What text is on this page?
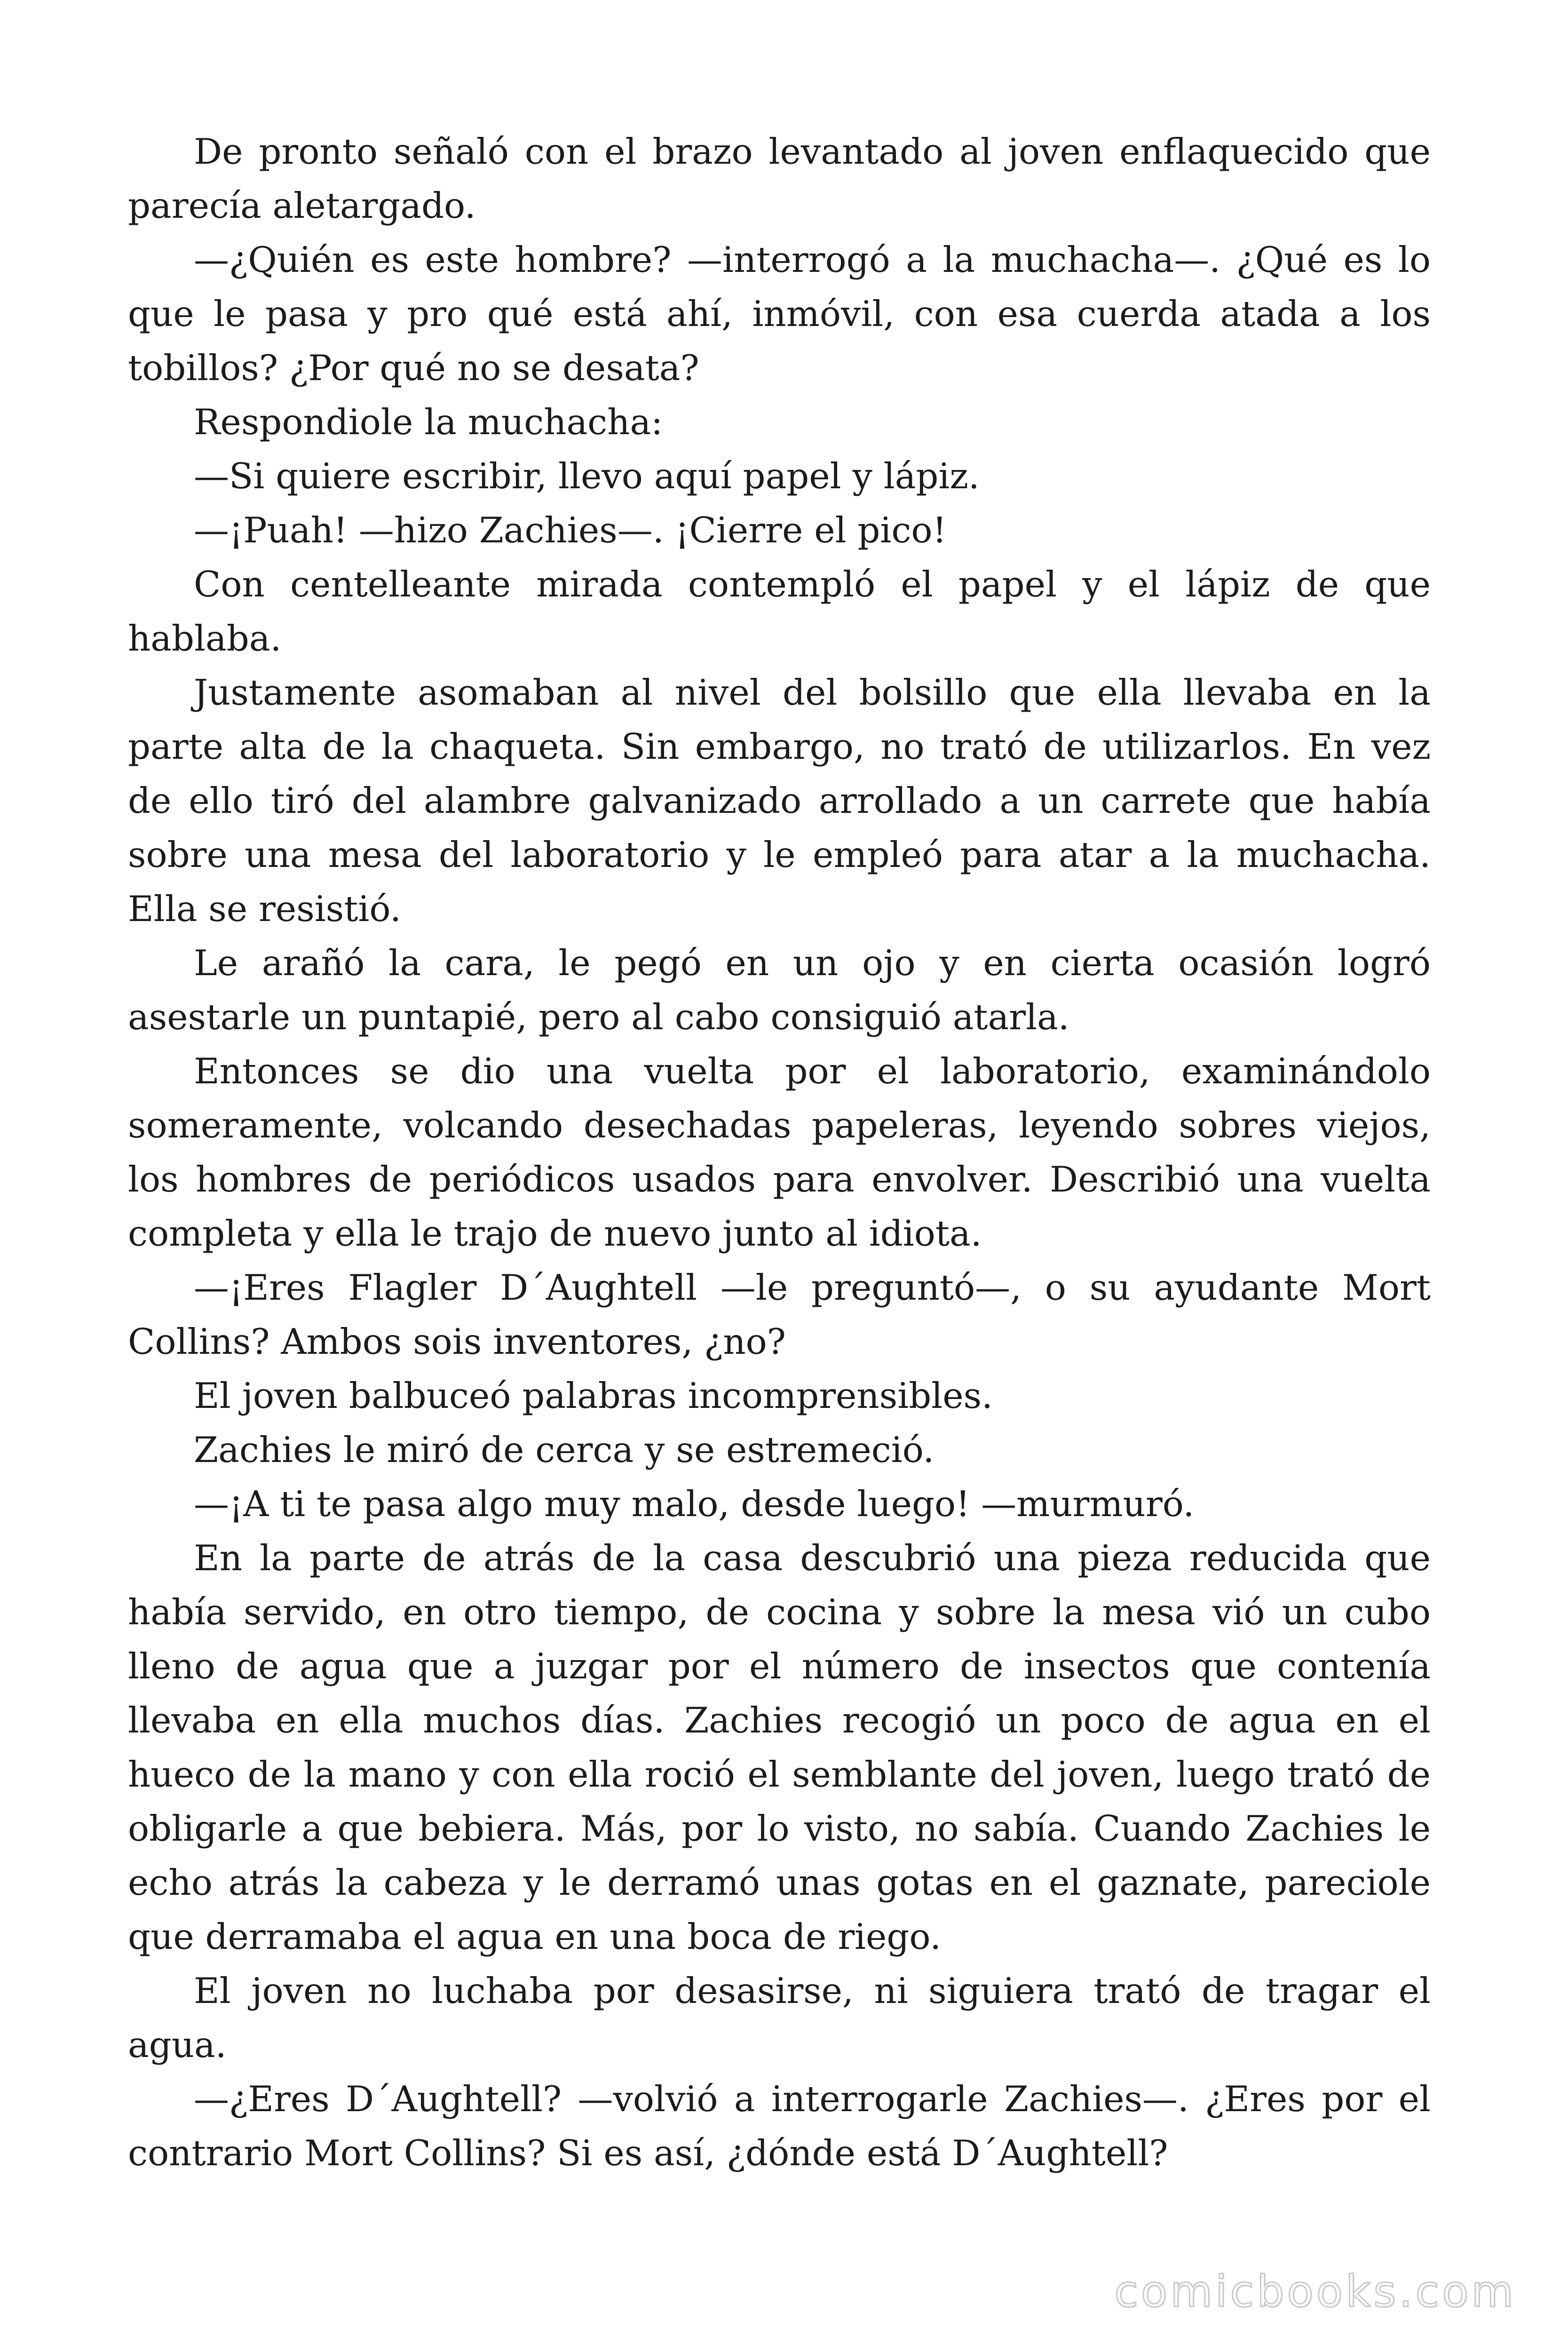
De pronto señaló con el brazo levantado al joven enflaquecido que parecía aletargado.

—¿Quién es este hombre? —interrogó a la muchacha—. ¿Qué es lo que le pasa y pro qué está ahí, inmóvil, con esa cuerda atada a los tobillos? ¿Por qué no se desata?

Respondiole la muchacha:

—Si quiere escribir, llevo aquí papel y lápiz.

—¡Puah! —hizo Zachies—. ¡Cierre el pico!

Con centelleante mirada contempló el papel y el lápiz de que hablaba.

Justamente asomaban al nivel del bolsillo que ella llevaba en la parte alta de la chaqueta. Sin embargo, no trató de utilizarlos. En vez de ello tiró del alambre galvanizado arrollado a un carrete que había sobre una mesa del laboratorio y le empleó para atar a la muchacha. Ella se resistió.

Le arañó la cara, le pegó en un ojo y en cierta ocasión logró asestarle un puntapié, pero al cabo consiguió atarla.

Entonces se dio una vuelta por el laboratorio, examinándolo someramente, volcando desechadas papeleras, leyendo sobres viejos, los hombres de periódicos usados para envolver. Describió una vuelta completa y ella le trajo de nuevo junto al idiota.

—¡Eres Flagler D´Aughtell —le preguntó—, o su ayudante Mort Collins? Ambos sois inventores, ¿no?

El joven balbuceó palabras incomprensibles.

Zachies le miró de cerca y se estremeció.

—¡A ti te pasa algo muy malo, desde luego! —murmuró.

En la parte de atrás de la casa descubrió una pieza reducida que había servido, en otro tiempo, de cocina y sobre la mesa vió un cubo lleno de agua que a juzgar por el número de insectos que contenía llevaba en ella muchos días. Zachies recogió un poco de agua en el hueco de la mano y con ella roció el semblante del joven, luego trató de obligarle a que bebiera. Más, por lo visto, no sabía. Cuando Zachies le echo atrás la cabeza y le derramó unas gotas en el gaznate, pareciole que derramaba el agua en una boca de riego.

El joven no luchaba por desasirse, ni siguiera trató de tragar el agua.

—¿Eres D´Aughtell? —volvió a interrogarle Zachies—. ¿Eres por el contrario Mort Collins? Si es así, ¿dónde está D´Aughtell?

comicbooks.com
